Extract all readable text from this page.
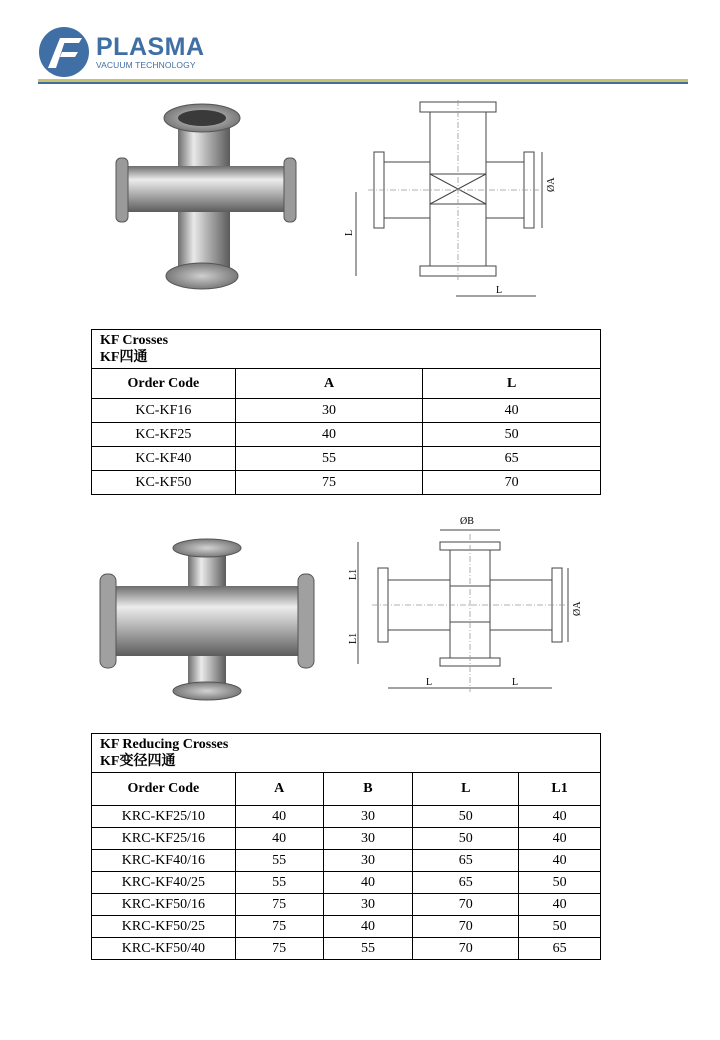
PLASMA
VACUUM TECHNOLOGY
ØA
L
L
KF Crosses
KF四通		

Order Code	A	L
KC-KF16	30	40
KC-KF25	40	50
KC-KF40	55	65
KC-KF50	75	70
ØB
ØA
L1
L1
L	L
KF Reducing Crosses
KF变径四通				

Order Code	A	B	L	L1
KRC-KF25/10	40	30	50	40
KRC-KF25/16	40	30	50	40
KRC-KF40/16	55	30	65	40
KRC-KF40/25	55	40	65	50
KRC-KF50/16	75	30	70	40
KRC-KF50/25	75	40	70	50
KRC-KF50/40	75	55	70	65
